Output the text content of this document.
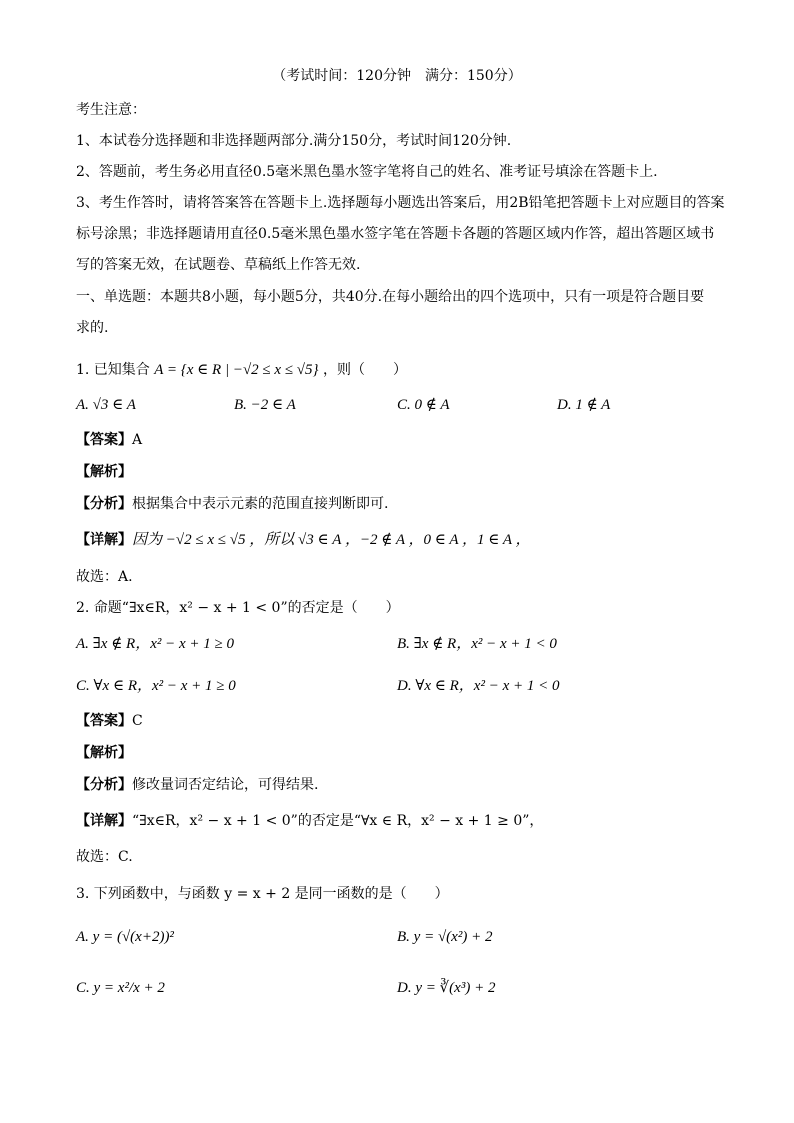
（考试时间：120分钟　满分：150分）
考生注意：
1、本试卷分选择题和非选择题两部分.满分150分，考试时间120分钟.
2、答题前，考生务必用直径0.5毫米黑色墨水签字笔将自己的姓名、准考证号填涂在答题卡上.
3、考生作答时，请将答案答在答题卡上.选择题每小题选出答案后，用2B铅笔把答题卡上对应题目的答案
标号涂黑；非选择题请用直径0.5毫米黑色墨水签字笔在答题卡各题的答题区域内作答，超出答题区域书
写的答案无效，在试题卷、草稿纸上作答无效.
一、单选题：本题共8小题，每小题5分，共40分.在每小题给出的四个选项中，只有一项是符合题目要
求的.
1. 已知集合 A = {x ∈ R | −√2 ≤ x ≤ √5} ，则（　　）
A. √3 ∈ A	B. −2 ∈ A	C. 0 ∉ A	D. 1 ∉ A
【答案】A
【解析】
【分析】根据集合中表示元素的范围直接判断即可.
【详解】因为 −√2 ≤ x ≤ √5 ，所以 √3 ∈ A ，−2 ∉ A ，0 ∈ A ，1 ∈ A ，
故选：A.
2. 命题“∃x∈R，x² − x + 1 < 0”的否定是（　　）
A. ∃x ∉ R，x² − x + 1 ≥ 0	B. ∃x ∉ R，x² − x + 1 < 0
C. ∀x ∈ R，x² − x + 1 ≥ 0	D. ∀x ∈ R，x² − x + 1 < 0
【答案】C
【解析】
【分析】修改量词否定结论，可得结果.
【详解】“∃x∈R，x² − x + 1 < 0”的否定是“∀x ∈ R，x² − x + 1 ≥ 0”，
故选：C.
3. 下列函数中，与函数 y = x + 2 是同一函数的是（　　）
A. y = (√(x+2))²	B. y = √(x²) + 2
C. y = x²/x + 2	D. y = ∛(x³) + 2
